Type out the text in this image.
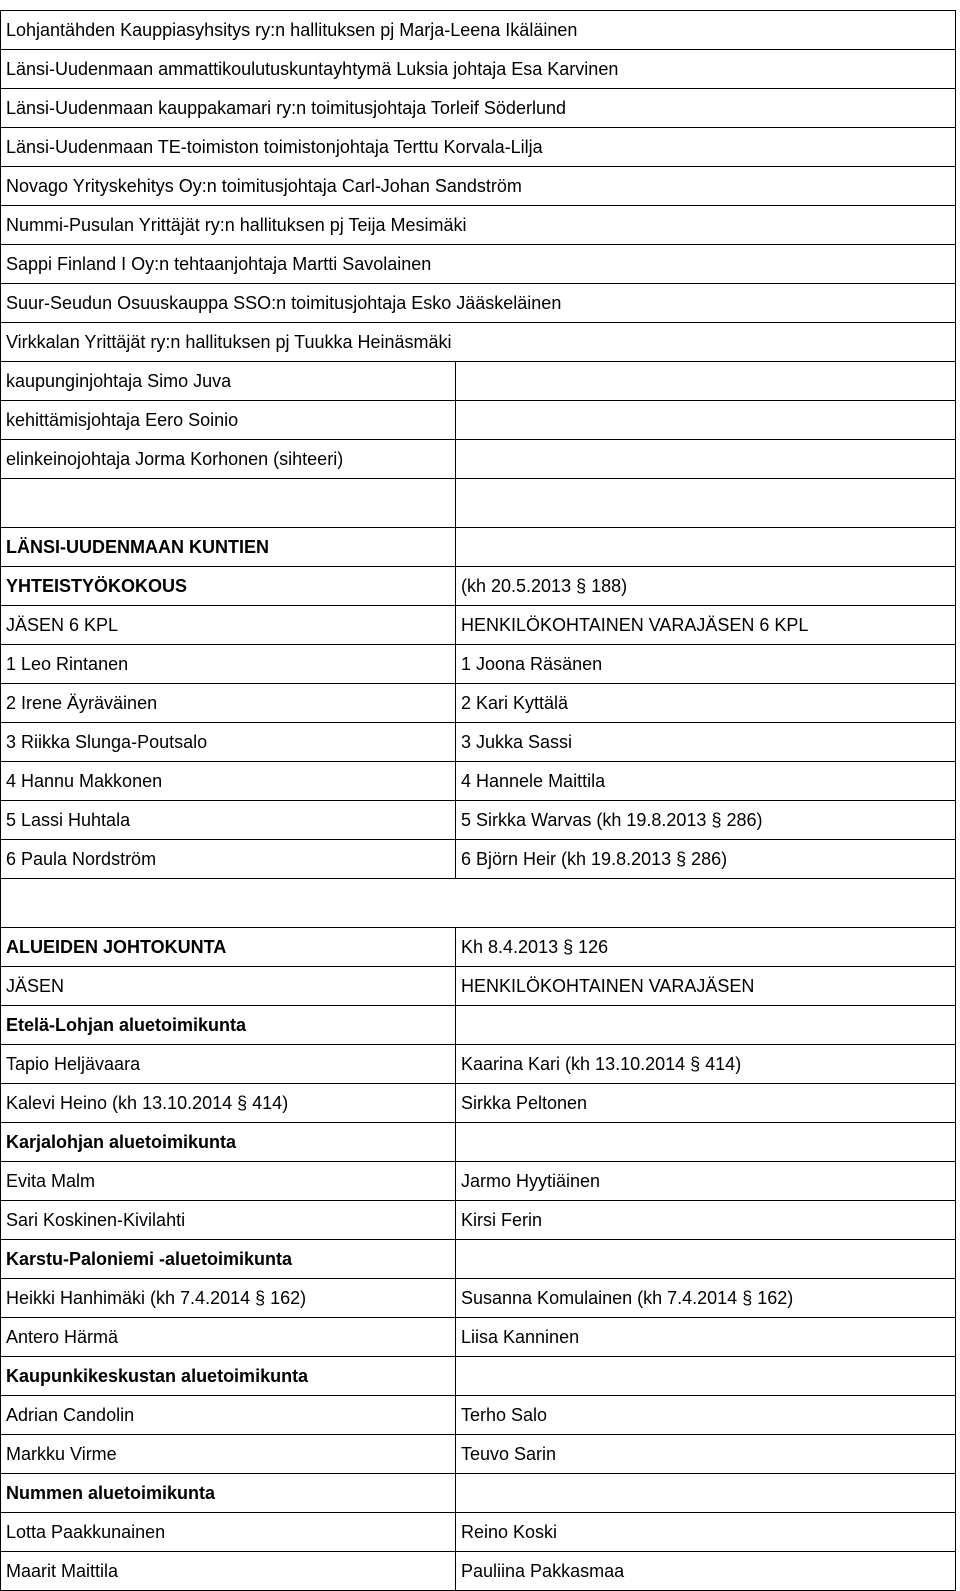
Lohjantähden Kauppiasyhsitys ry:n hallituksen pj Marja-Leena Ikäläinen
Länsi-Uudenmaan ammattikoulutuskuntayhtymä Luksia johtaja Esa Karvinen
Länsi-Uudenmaan kauppakamari ry:n toimitusjohtaja Torleif Söderlund
Länsi-Uudenmaan TE-toimiston toimistonjohtaja Terttu Korvala-Lilja
Novago Yrityskehitys Oy:n toimitusjohtaja Carl-Johan Sandström
Nummi-Pusulan Yrittäjät ry:n hallituksen pj Teija Mesimäki
Sappi Finland I Oy:n tehtaanjohtaja Martti Savolainen
Suur-Seudun Osuuskauppa SSO:n toimitusjohtaja Esko Jääskeläinen
Virkkalan Yrittäjät ry:n hallituksen pj Tuukka Heinäsmäki
kaupunginjohtaja Simo Juva
kehittämisjohtaja Eero Soinio
elinkeinojohtaja Jorma Korhonen (sihteeri)
LÄNSI-UUDENMAAN KUNTIEN
YHTEISTYÖKOKOUS	(kh 20.5.2013 § 188)
JÄSEN 6 KPL	HENKILÖKOHTAINEN VARAJÄSEN 6 KPL
1 Leo Rintanen	1 Joona Räsänen
2 Irene Äyräväinen	2 Kari Kyttälä
3 Riikka Slunga-Poutsalo	3 Jukka Sassi
4 Hannu Makkonen	4 Hannele Maittila
5 Lassi Huhtala	5 Sirkka Warvas (kh 19.8.2013 § 286)
6 Paula Nordström	6 Björn Heir (kh 19.8.2013 § 286)
ALUEIDEN JOHTOKUNTA	Kh 8.4.2013 § 126
JÄSEN	HENKILÖKOHTAINEN VARAJÄSEN
Etelä-Lohjan aluetoimikunta
Tapio Heljävaara	Kaarina Kari (kh 13.10.2014 § 414)
Kalevi Heino (kh 13.10.2014 § 414)	Sirkka Peltonen
Karjalohjan aluetoimikunta
Evita Malm	Jarmo Hyytiäinen
Sari Koskinen-Kivilahti	Kirsi Ferin
Karstu-Paloniemi -aluetoimikunta
Heikki Hanhimäki (kh 7.4.2014 § 162)	Susanna Komulainen (kh 7.4.2014 § 162)
Antero Härmä	Liisa Kanninen
Kaupunkikeskustan aluetoimikunta
Adrian Candolin	Terho Salo
Markku Virme	Teuvo Sarin
Nummen aluetoimikunta
Lotta Paakkunainen	Reino Koski
Maarit Maittila	Pauliina Pakkasmaa
